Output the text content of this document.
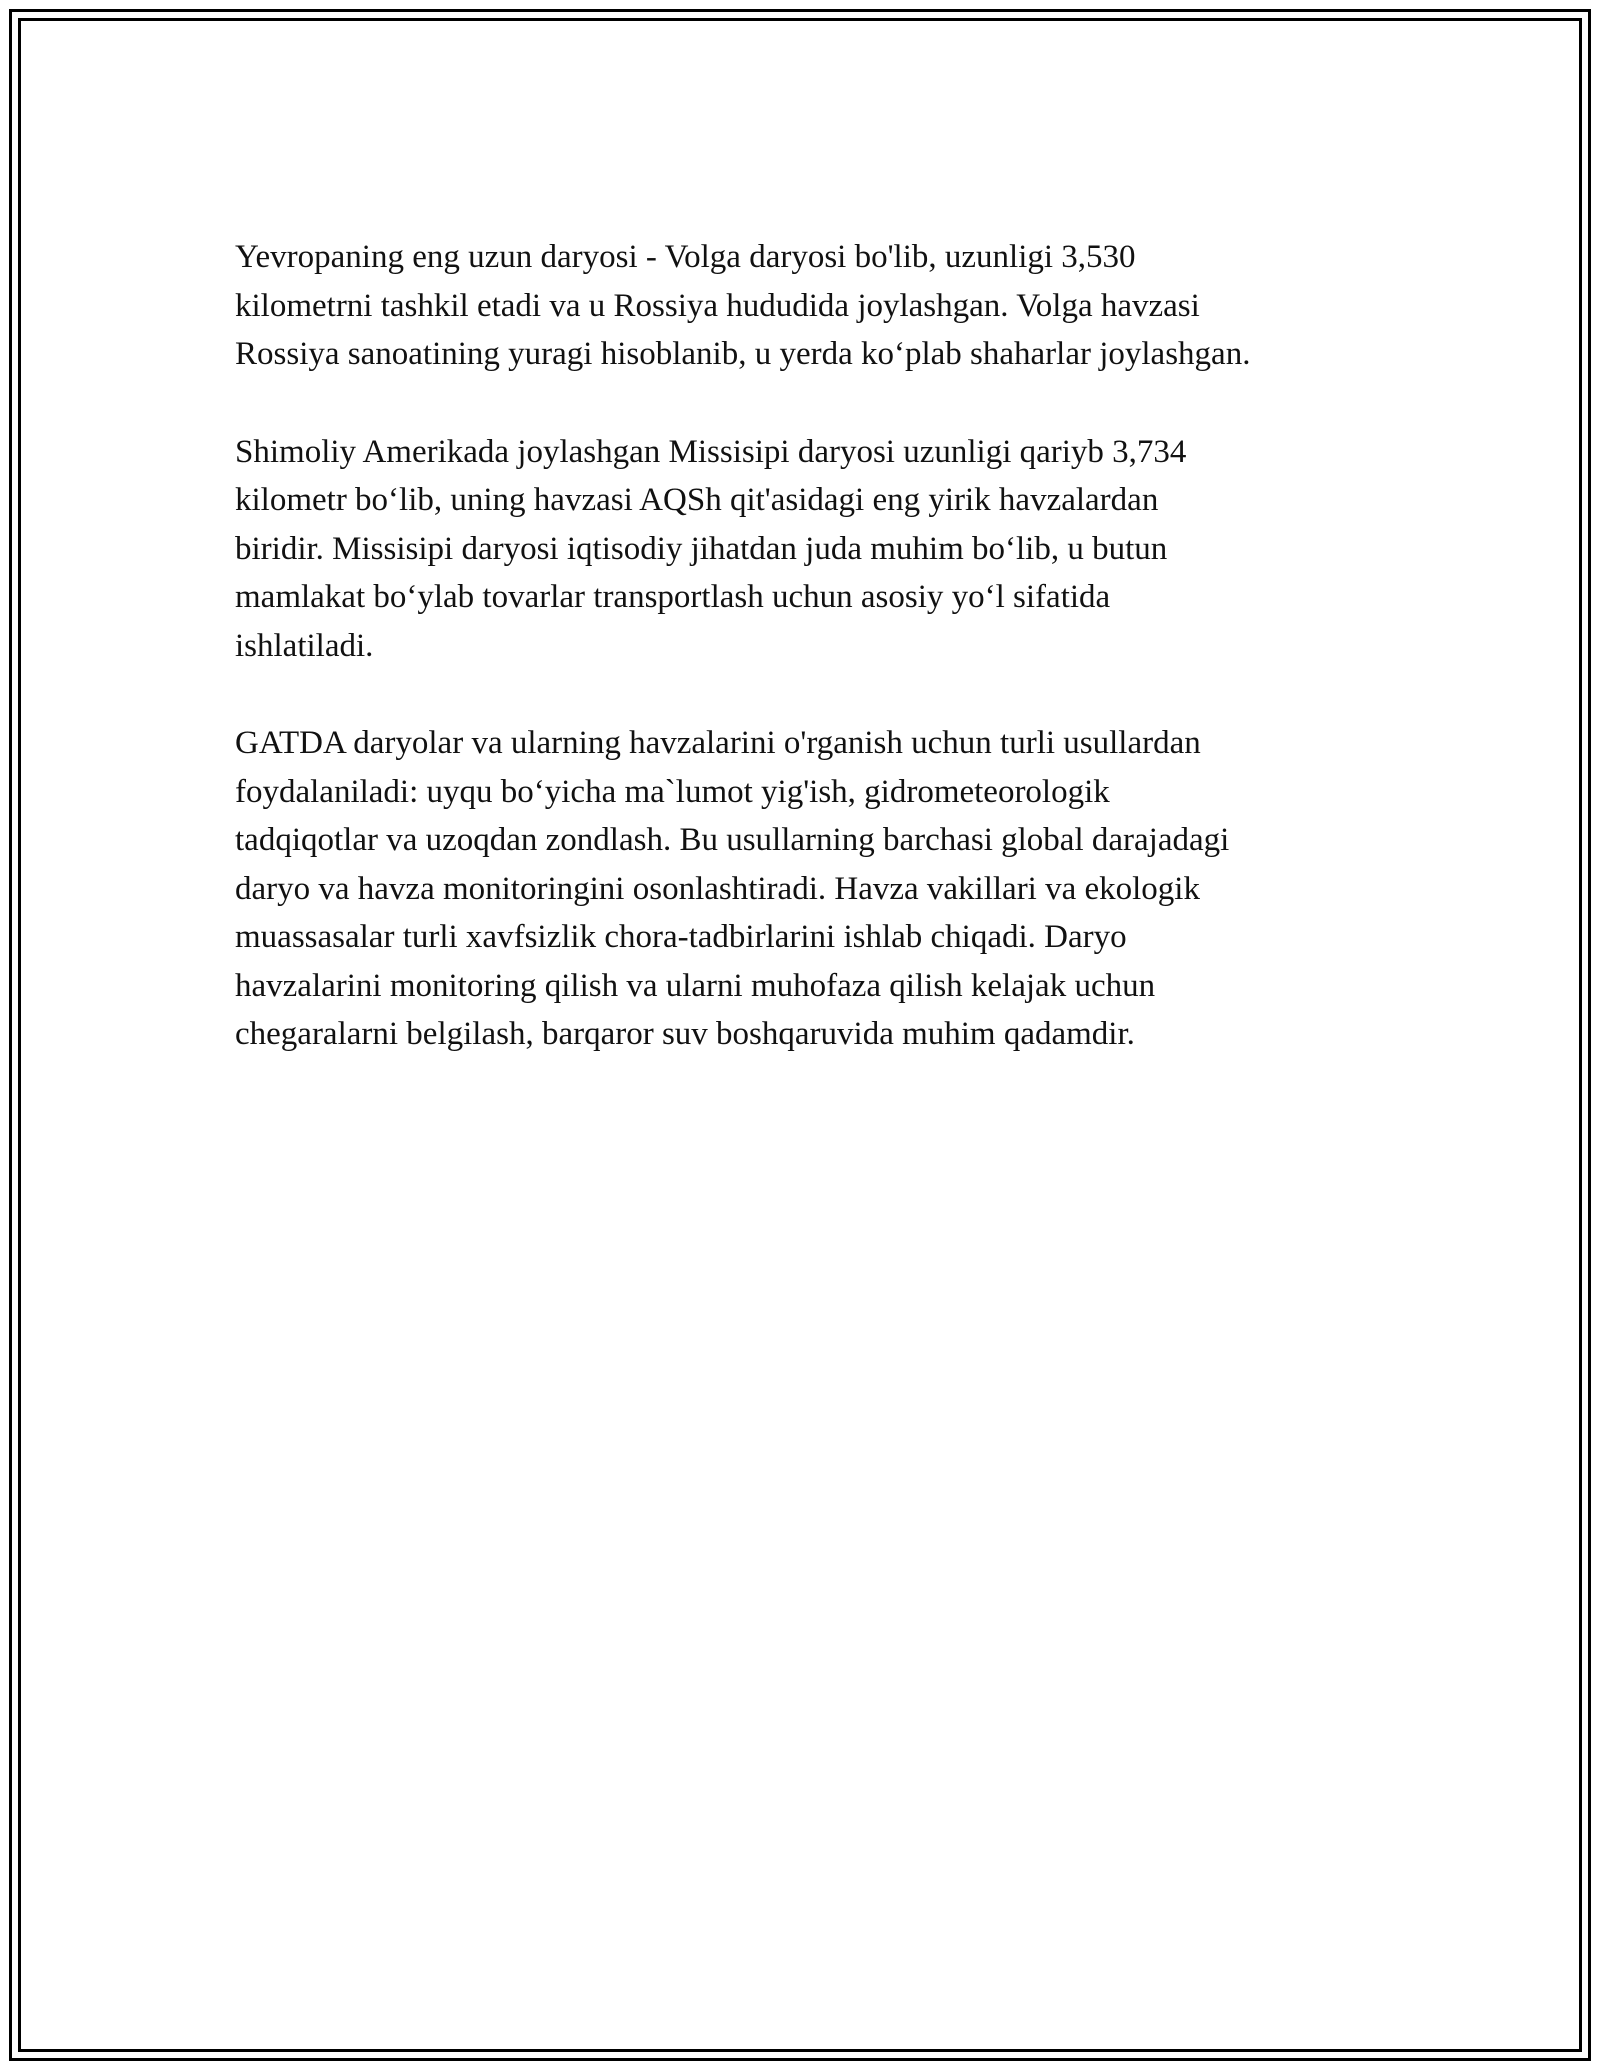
Yevropaning eng uzun daryosi - Volga daryosi bo'lib, uzunligi 3,530
kilometrni tashkil etadi va u Rossiya hududida joylashgan. Volga havzasi
Rossiya sanoatining yuragi hisoblanib, u yerda ko‘plab shaharlar joylashgan.

Shimoliy Amerikada joylashgan Missisipi daryosi uzunligi qariyb 3,734
kilometr bo‘lib, uning havzasi AQSh qit'asidagi eng yirik havzalardan
biridir. Missisipi daryosi iqtisodiy jihatdan juda muhim bo‘lib, u butun
mamlakat bo‘ylab tovarlar transportlash uchun asosiy yo‘l sifatida
ishlatiladi.

GATDA daryolar va ularning havzalarini o'rganish uchun turli usullardan
foydalaniladi: uyqu bo‘yicha ma`lumot yig'ish, gidrometeorologik
tadqiqotlar va uzoqdan zondlash. Bu usullarning barchasi global darajadagi
daryo va havza monitoringini osonlashtiradi. Havza vakillari va ekologik
muassasalar turli xavfsizlik chora-tadbirlarini ishlab chiqadi. Daryo
havzalarini monitoring qilish va ularni muhofaza qilish kelajak uchun
chegaralarni belgilash, barqaror suv boshqaruvida muhim qadamdir.
